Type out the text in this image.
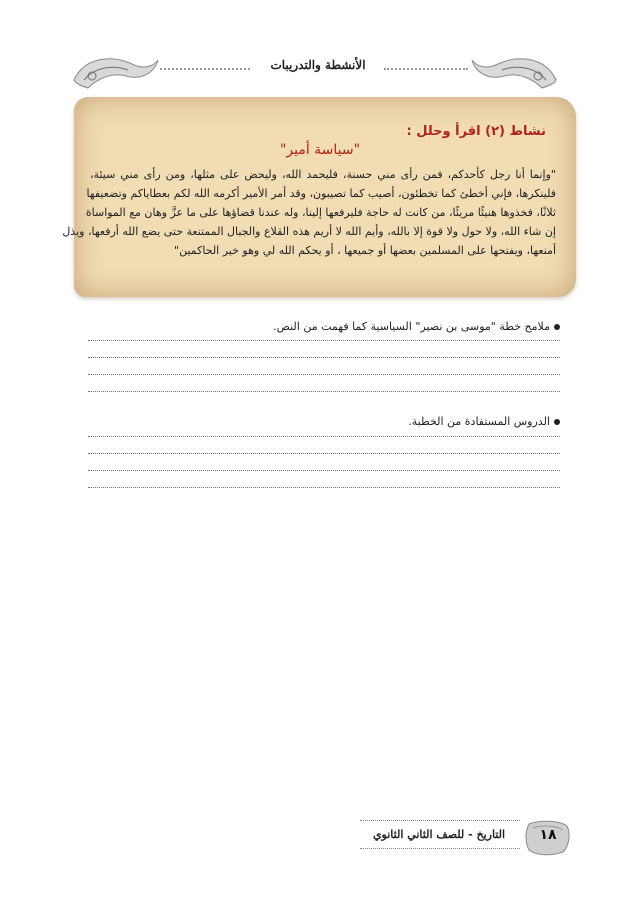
الأنشطة والتدريبات
نشاط (٢) اقرأ وحلل :
"سياسة أمير"
"وإنما أنا رجل كأحدكم، فمن رأى مني حسنة، فليحمد الله، وليحض على مثلها، ومن رأى مني سيئة،
فلينكرها، فإني أخطئ كما تخطئون، أصيب كما تصيبون، وقد أمر الأمير أكرمه الله لكم بعطاياكم وتضعيفها
ثلاثًا، فخذوها هنيئًا مريئًا، من كانت له حاجة فليرفعها إلينا، وله عندنا قضاؤها على ما عزَّ وهان مع المواساة
إن شاء الله، ولا حول ولا قوة إلا بالله، وأيم الله لا أريم هذه القلاع والجبال الممتنعة حتى يضع الله أرفعها، ويذل
أمنعها، ويفتحها على المسلمين بعضها أو جميعها ، أو يحكم الله لي وهو خير الحاكمين"
ملامح خطة "موسى بن نصير" السياسية كما فهمت من النص.
الدروس المستفادة من الخطبة.
التاريخ - للصف الثاني الثانوي	١٨
